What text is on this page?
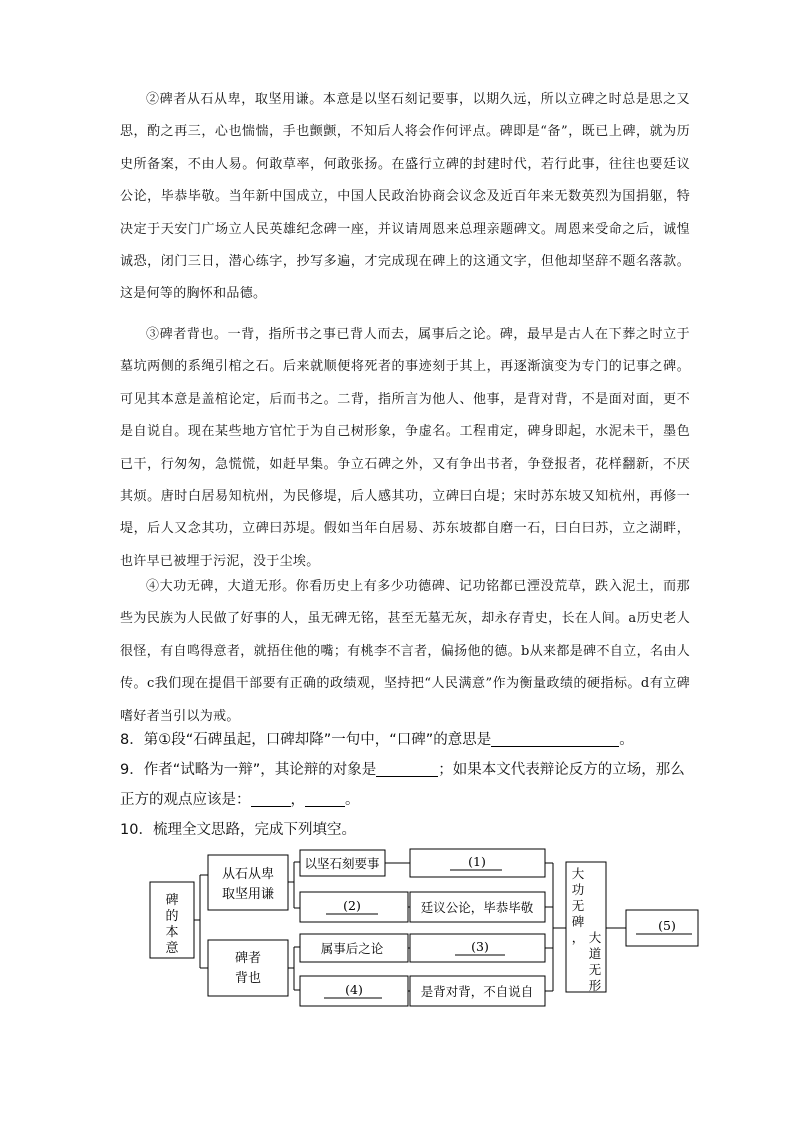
②碑者从石从卑，取坚用谦。本意是以坚石刻记要事，以期久远，所以立碑之时总是思之又思，酌之再三，心也惴惴，手也颤颤，不知后人将会作何评点。碑即是“备”，既已上碑，就为历史所备案，不由人易。何敢草率，何敢张扬。在盛行立碑的封建时代，若行此事，往往也要廷议公论，毕恭毕敬。当年新中国成立，中国人民政治协商会议念及近百年来无数英烈为国捐躯，特决定于天安门广场立人民英雄纪念碑一座，并议请周恩来总理亲题碑文。周恩来受命之后，诚惶诚恐，闭门三日，潜心练字，抄写多遍，才完成现在碑上的这通文字，但他却坚辞不题名落款。这是何等的胸怀和品德。

③碑者背也。一背，指所书之事已背人而去，属事后之论。碑，最早是古人在下葬之时立于墓坑两侧的系绳引棺之石。后来就顺便将死者的事迹刻于其上，再逐渐演变为专门的记事之碑。可见其本意是盖棺论定，后而书之。二背，指所言为他人、他事，是背对背，不是面对面，更不是自说自。现在某些地方官忙于为自己树形象，争虚名。工程甫定，碑身即起，水泥未干，墨色已干，行匆匆，急慌慌，如赶早集。争立石碑之外，又有争出书者，争登报者，花样翻新，不厌其烦。唐时白居易知杭州，为民修堤，后人感其功，立碑曰白堤；宋时苏东坡又知杭州，再修一堤，后人又念其功，立碑曰苏堤。假如当年白居易、苏东坡都自磨一石，曰白曰苏，立之湖畔，也许早已被埋于污泥，没于尘埃。

④大功无碑，大道无形。你看历史上有多少功德碑、记功铭都已湮没荒草，跌入泥土，而那些为民族为人民做了好事的人，虽无碑无铭，甚至无墓无灰，却永存青史，长在人间。a历史老人很怪，有自鸣得意者，就捂住他的嘴；有桃李不言者，偏扬他的德。b从来都是碑不自立，名由人传。c我们现在提倡干部要有正确的政绩观，坚持把“人民满意”作为衡量政绩的硬指标。d有立碑嗜好者当引以为戒。

8．第①段“石碑虽起，口碑却降”一句中，“口碑”的意思是	。

9．作者“试略为一辩”，其论辩的对象是	；如果本文代表辩论反方的立场，那么
正方的观点应该是：	，	。

10．梳理全文思路，完成下列填空。

碑
的
本
意
从石从卑
取坚用谦
碑者
背也
以坚石刻要事	(1)
(2)	廷议公论，毕恭毕敬
属事后之论	(3)
(4)	是背对背，不自说自
大
功
无
碑
， 大
道
无
形
(5)
